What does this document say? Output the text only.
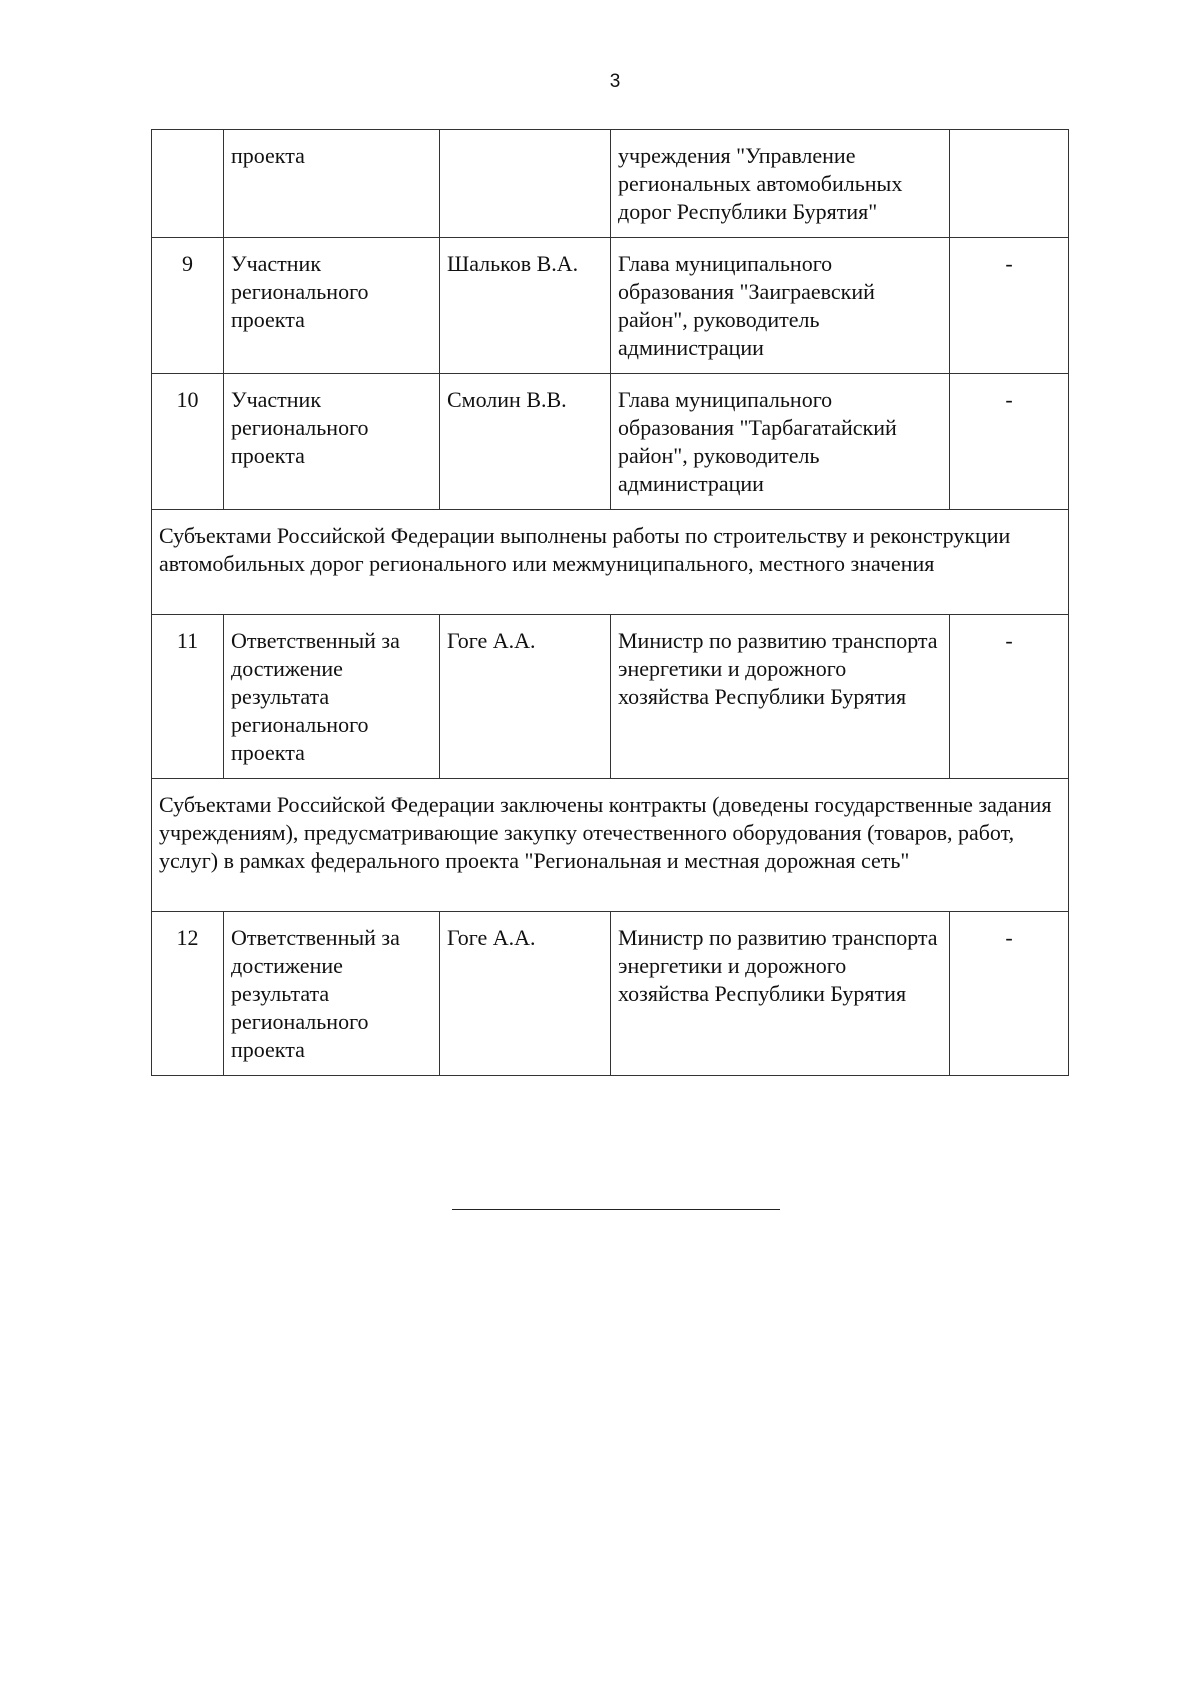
3
	проекта		учреждения "Управление региональных автомобильных дорог Республики Бурятия"	
9	Участник регионального проекта	Шальков В.А.	Глава муниципального образования "Заиграевский район", руководитель администрации	-
10	Участник регионального проекта	Смолин В.В.	Глава муниципального образования "Тарбагатайский район", руководитель администрации	-
Субъектами Российской Федерации выполнены работы по строительству и реконструкции автомобильных дорог регионального или межмуниципального, местного значения				
11	Ответственный за достижение результата регионального проекта	Гоге А.А.	Министр по развитию транспорта энергетики и дорожного хозяйства Республики Бурятия	-
Субъектами Российской Федерации заключены контракты (доведены государственные задания учреждениям), предусматривающие закупку отечественного оборудования (товаров, работ, услуг) в рамках федерального проекта "Региональная и местная дорожная сеть"				
12	Ответственный за достижение результата регионального проекта	Гоге А.А.	Министр по развитию транспорта энергетики и дорожного хозяйства Республики Бурятия	-
